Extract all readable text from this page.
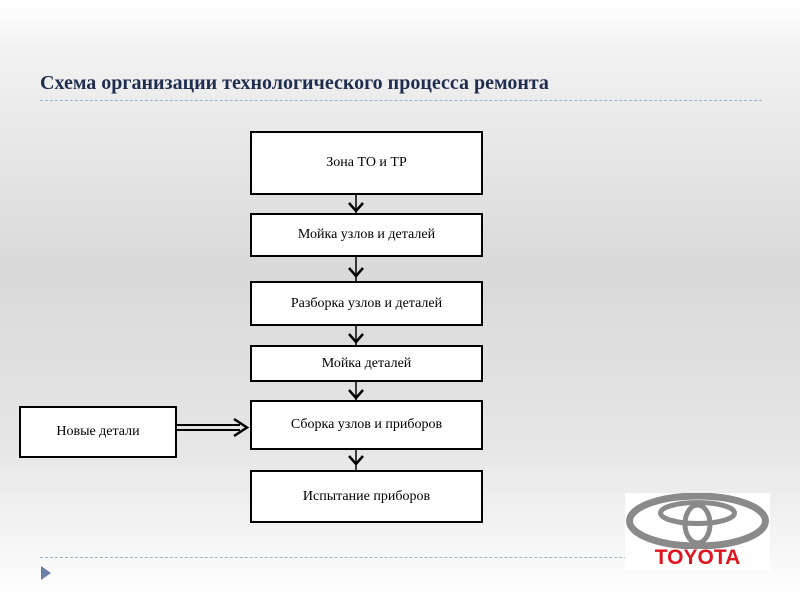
Схема организации технологического процесса ремонта
Зона ТО и ТР
Мойка узлов и деталей
Разборка узлов и деталей
Мойка деталей
Сборка узлов и приборов
Испытание приборов
Новые детали
TOYOTA
